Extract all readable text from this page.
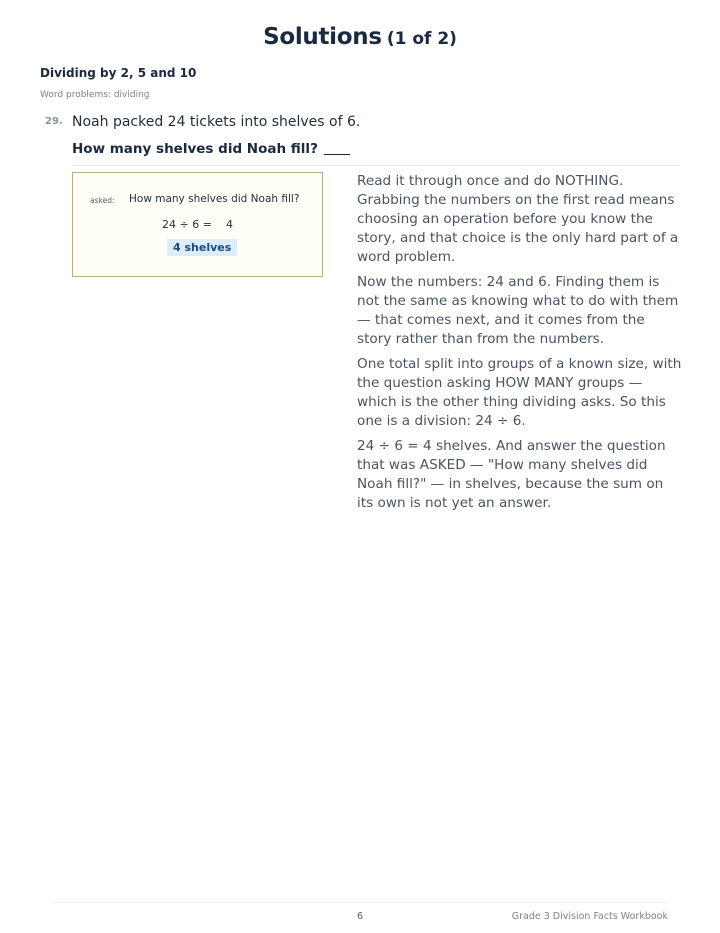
Solutions (1 of 2)
Dividing by 2, 5 and 10
Word problems: dividing
29. Noah packed 24 tickets into shelves of 6.
How many shelves did Noah fill?
asked: How many shelves did Noah fill?
24 ÷ 6 = 4
4 shelves

Read it through once and do NOTHING. Grabbing the numbers on the first read means choosing an operation before you know the story, and that choice is the only hard part of a word problem.

Now the numbers: 24 and 6. Finding them is not the same as knowing what to do with them — that comes next, and it comes from the story rather than from the numbers.

One total split into groups of a known size, with the question asking HOW MANY groups — which is the other thing dividing asks. So this one is a division: 24 ÷ 6.

24 ÷ 6 = 4 shelves. And answer the question that was ASKED — "How many shelves did Noah fill?" — in shelves, because the sum on its own is not yet an answer.

6	Grade 3 Division Facts Workbook
